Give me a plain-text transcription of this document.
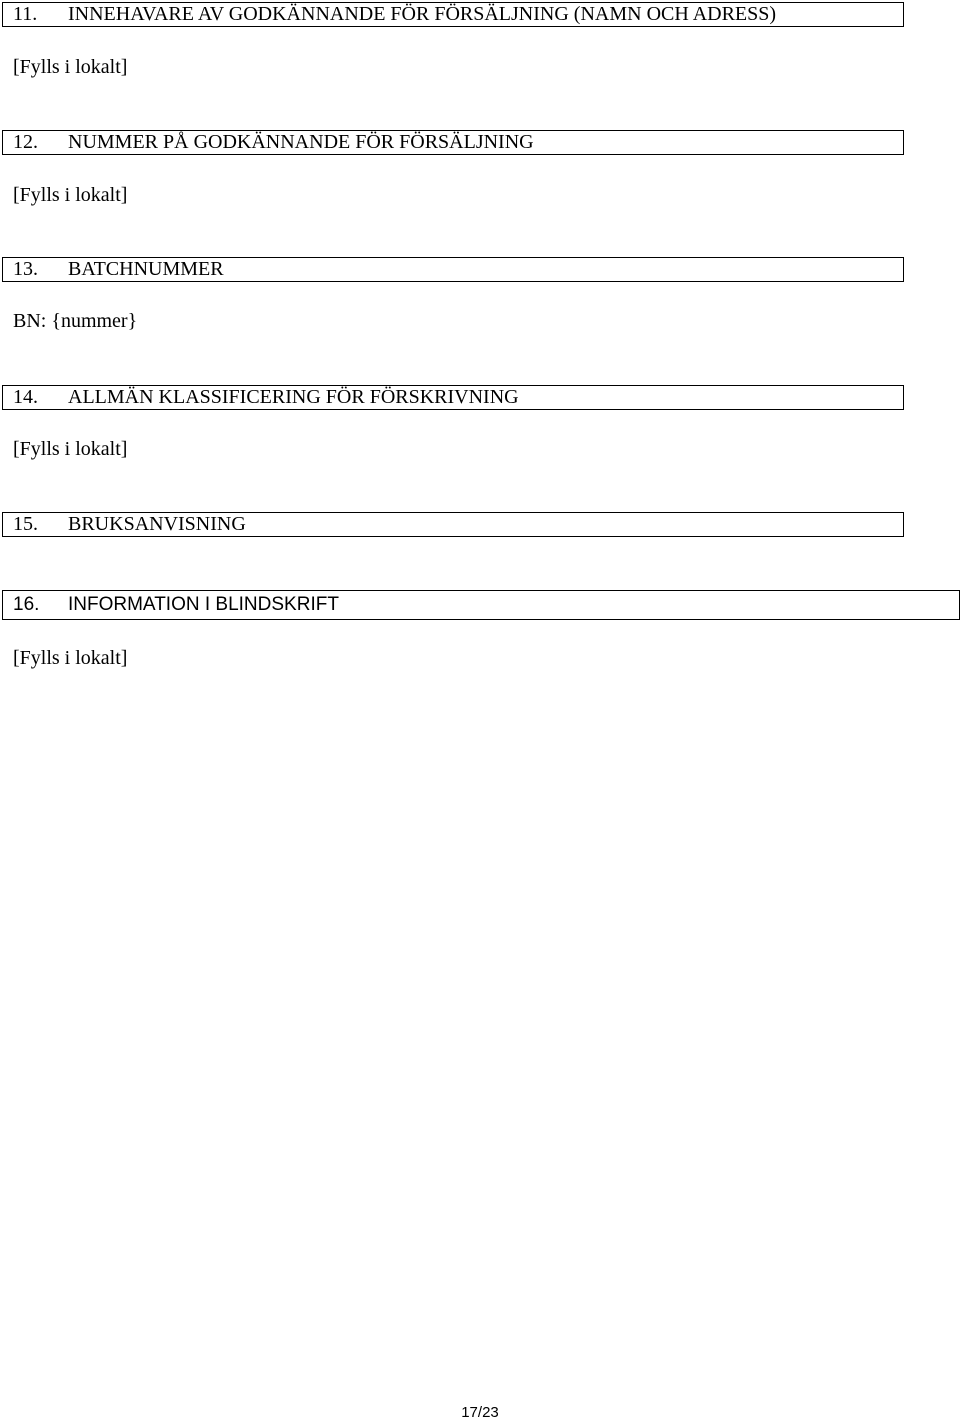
11. INNEHAVARE AV GODKÄNNANDE FÖR FÖRSÄLJNING (NAMN OCH ADRESS)
[Fylls i lokalt]
12. NUMMER PÅ GODKÄNNANDE FÖR FÖRSÄLJNING
[Fylls i lokalt]
13. BATCHNUMMER
BN: {nummer}
14. ALLMÄN KLASSIFICERING FÖR FÖRSKRIVNING
[Fylls i lokalt]
15. BRUKSANVISNING
16. INFORMATION I BLINDSKRIFT
[Fylls i lokalt]
17/23
